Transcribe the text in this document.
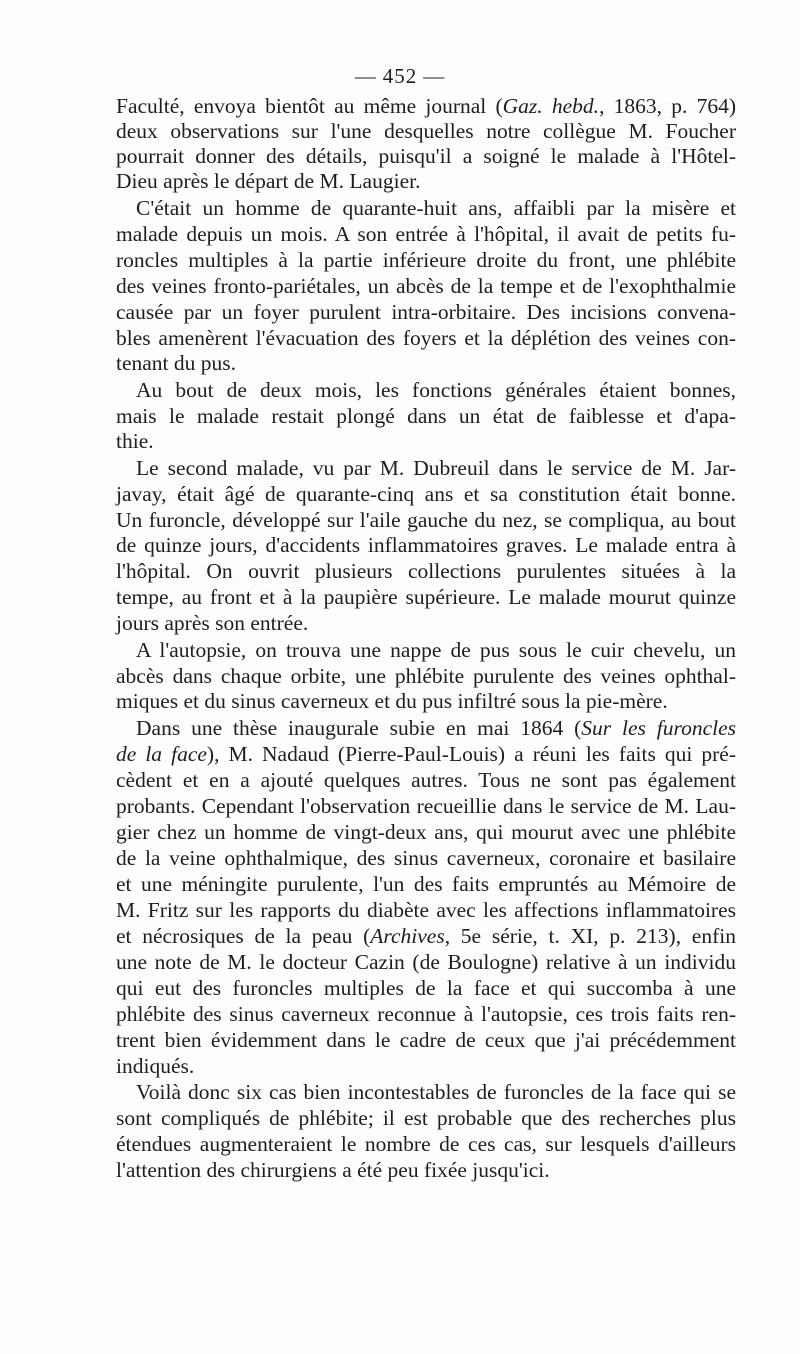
— 452 —
Faculté, envoya bientôt au même journal (Gaz. hebd., 1863, p. 764)
deux observations sur l'une desquelles notre collègue M. Foucher
pourrait donner des détails, puisqu'il a soigné le malade à l'Hôtel-
Dieu après le départ de M. Laugier.
C'était un homme de quarante-huit ans, affaibli par la misère et
malade depuis un mois. A son entrée à l'hôpital, il avait de petits fu-
roncles multiples à la partie inférieure droite du front, une phlébite
des veines fronto-pariétales, un abcès de la tempe et de l'exophthalmie
causée par un foyer purulent intra-orbitaire. Des incisions convena-
bles amenèrent l'évacuation des foyers et la déplétion des veines con-
tenant du pus.
Au bout de deux mois, les fonctions générales étaient bonnes,
mais le malade restait plongé dans un état de faiblesse et d'apa-
thie.
Le second malade, vu par M. Dubreuil dans le service de M. Jar-
javay, était âgé de quarante-cinq ans et sa constitution était bonne.
Un furoncle, développé sur l'aile gauche du nez, se compliqua, au bout
de quinze jours, d'accidents inflammatoires graves. Le malade entra à
l'hôpital. On ouvrit plusieurs collections purulentes situées à la
tempe, au front et à la paupière supérieure. Le malade mourut quinze
jours après son entrée.
A l'autopsie, on trouva une nappe de pus sous le cuir chevelu, un
abcès dans chaque orbite, une phlébite purulente des veines ophthal-
miques et du sinus caverneux et du pus infiltré sous la pie-mère.
Dans une thèse inaugurale subie en mai 1864 (Sur les furoncles
de la face), M. Nadaud (Pierre-Paul-Louis) a réuni les faits qui pré-
cèdent et en a ajouté quelques autres. Tous ne sont pas également
probants. Cependant l'observation recueillie dans le service de M. Lau-
gier chez un homme de vingt-deux ans, qui mourut avec une phlébite
de la veine ophthalmique, des sinus caverneux, coronaire et basilaire
et une méningite purulente, l'un des faits empruntés au Mémoire de
M. Fritz sur les rapports du diabète avec les affections inflammatoires
et nécrosiques de la peau (Archives, 5e série, t. XI, p. 213), enfin
une note de M. le docteur Cazin (de Boulogne) relative à un individu
qui eut des furoncles multiples de la face et qui succomba à une
phlébite des sinus caverneux reconnue à l'autopsie, ces trois faits ren-
trent bien évidemment dans le cadre de ceux que j'ai précédemment
indiqués.
Voilà donc six cas bien incontestables de furoncles de la face qui se
sont compliqués de phlébite; il est probable que des recherches plus
étendues augmenteraient le nombre de ces cas, sur lesquels d'ailleurs
l'attention des chirurgiens a été peu fixée jusqu'ici.
